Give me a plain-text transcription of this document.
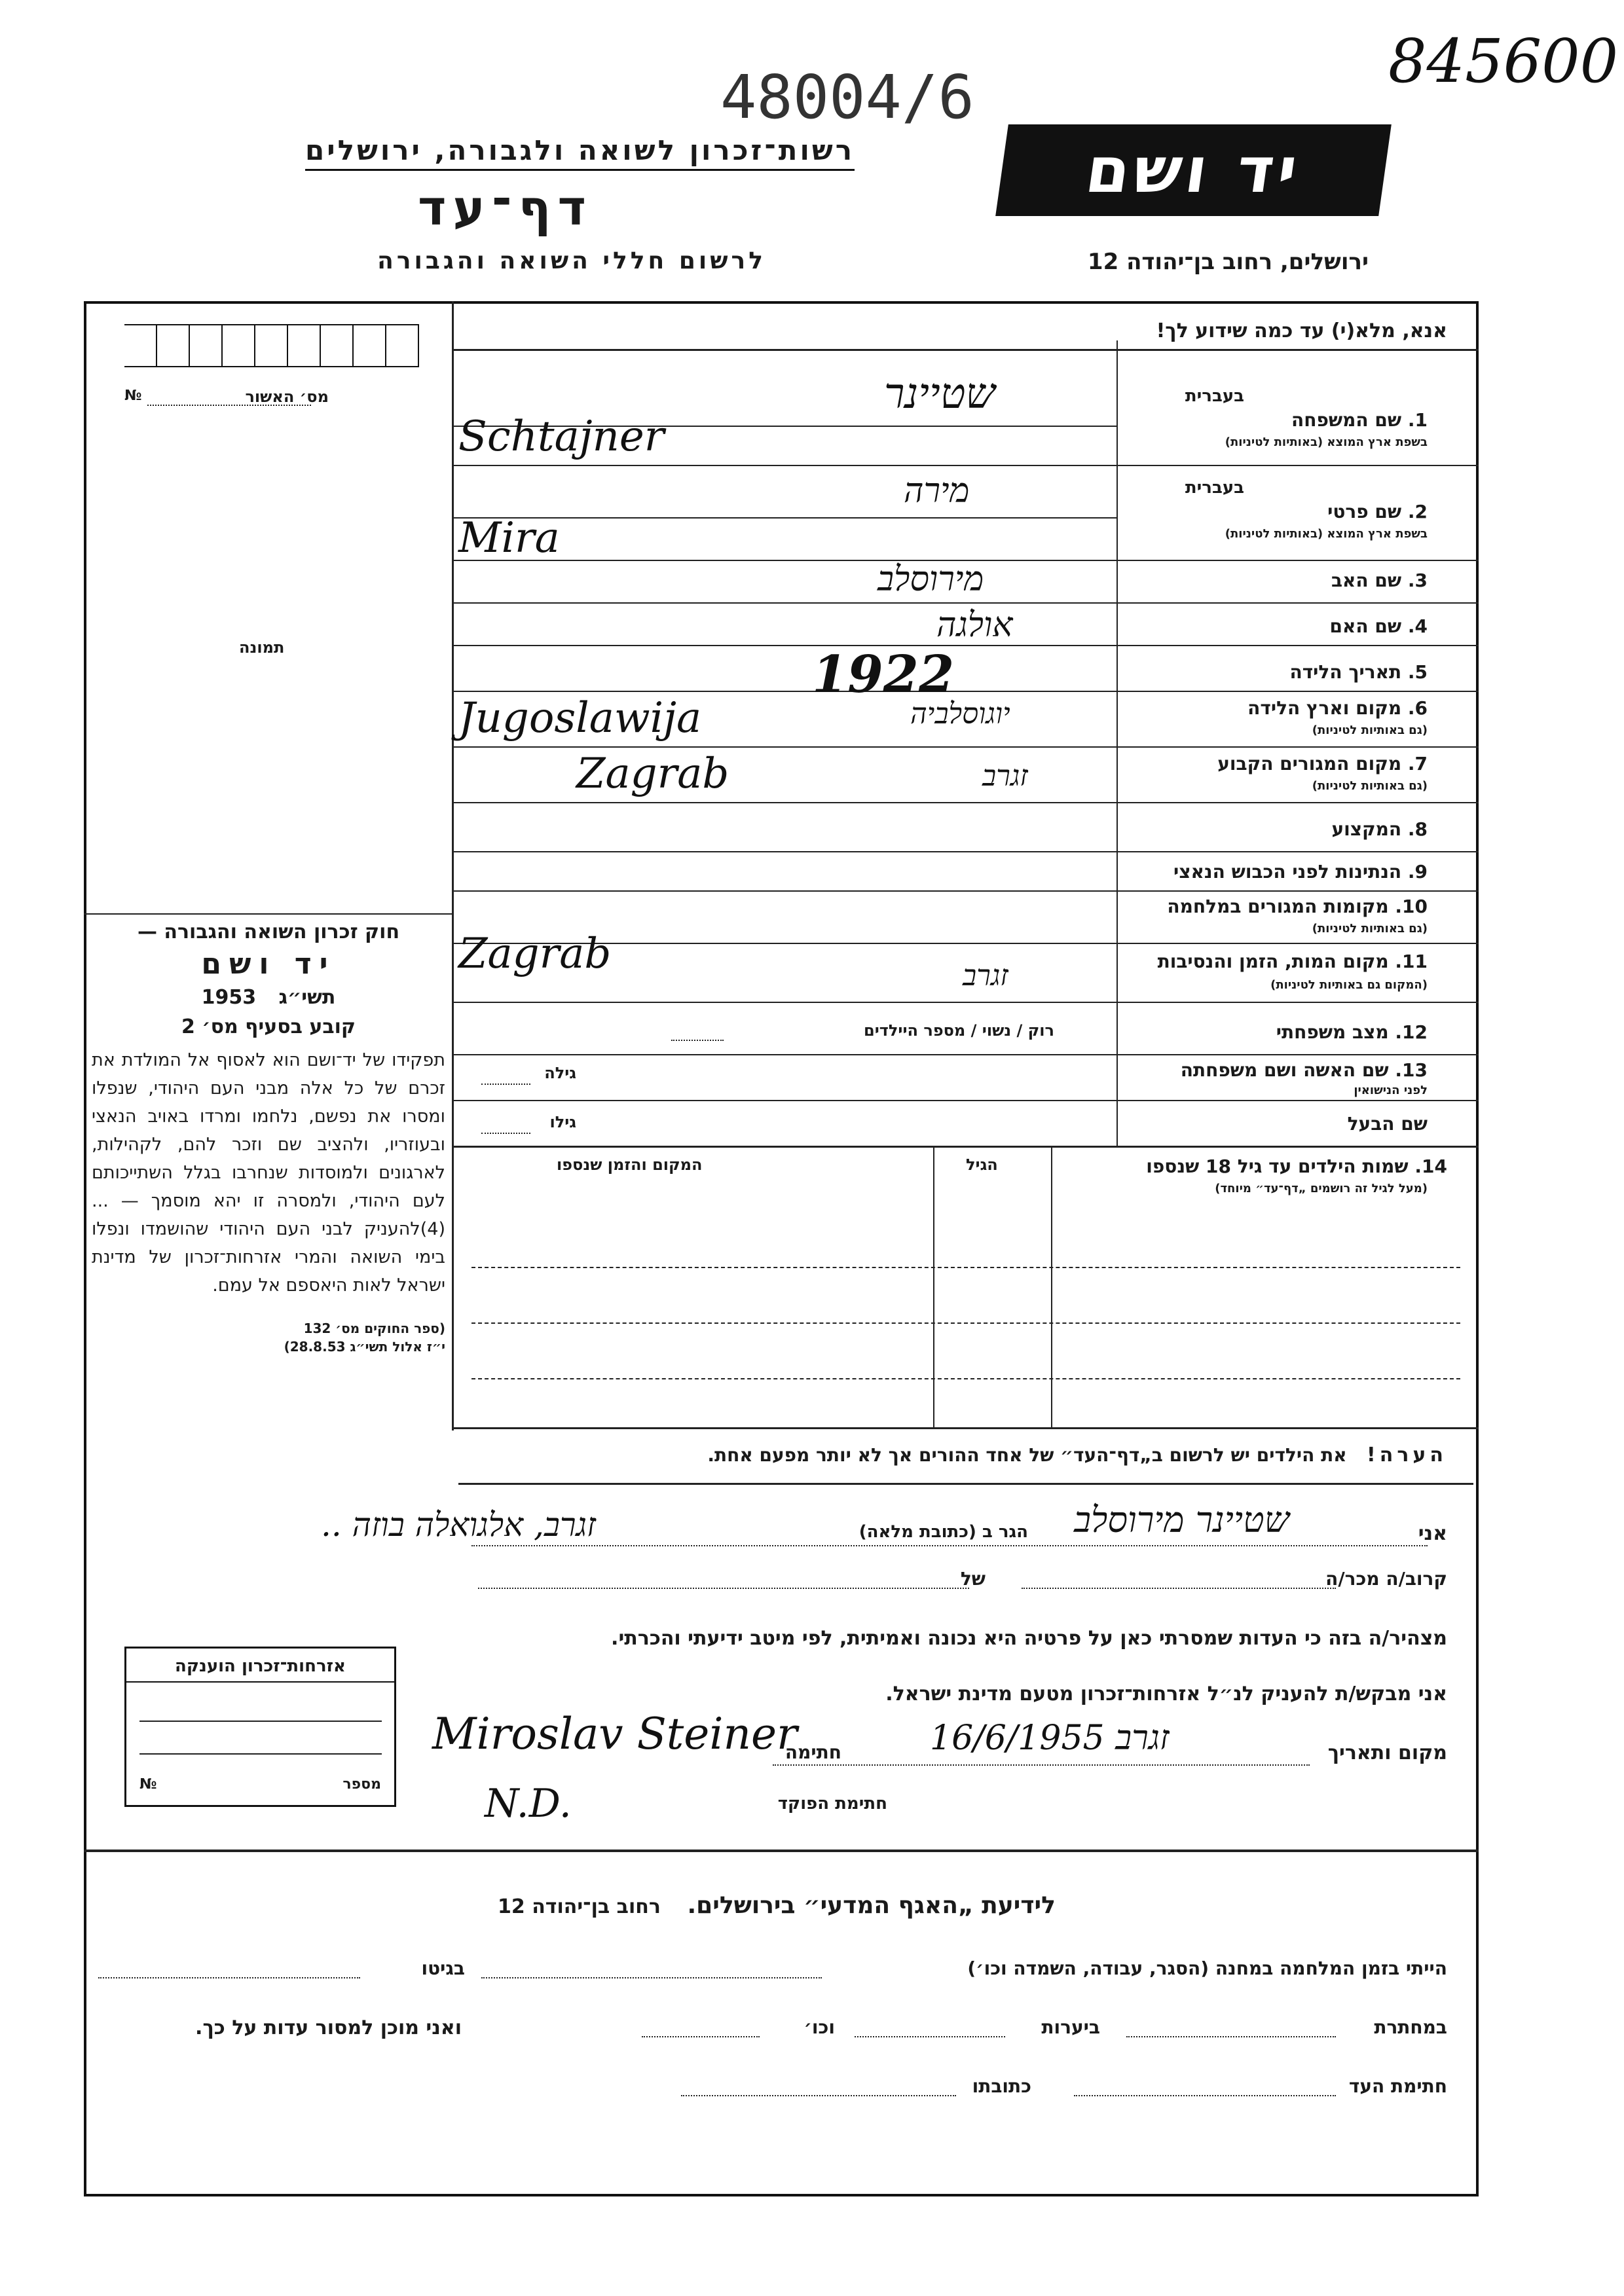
48004/6
845600
רשות־זכרון לשואה ולגבורה, ירושלים
דף־עד
לרשום חללי השואה והגבורה
יד ושם
ירושלים, רחוב בן־יהודה 12
אנא, מלא(י) עד כמה שידוע לך!
מס׳ האשור
№
תמונה
חוק זכרון השואה והגבורה —
יד ושם
תשי״ג 1953
קובע בסעיף מס׳ 2
תפקידו של יד־ושם הוא לאסוף אל המולדת את זכרם של כל אלה מבני העם היהודי, שנפלו ומסרו את נפשם, נלחמו ומרדו באויב הנאצי ובעוזריו, ולהציב שם וזכר להם, לקהילות, לארגונים ולמוסדות שנחרבו בגלל השתייכותם לעם היהודי, ולמסרה זו יהא מוסמך — ...(4)להעניק לבני העם היהודי שהושמדו ונפלו בימי השואה והמרי אזרחות־זכרון של מדינת ישראל לאות היאספם אל עמם.
(ספר החוקים מס׳ 132
י״ז אלול תשי״ג 28.8.53)
בעברית
1. שם המשפחה
בשפת ארץ המוצא (באותיות לטיניות)
שטיינר
Schtajner
בעברית
2. שם פרטי
בשפת ארץ המוצא (באותיות לטיניות)
מירה
Mira
3. שם האב
מירוסלב
4. שם האם
אולגה
5. תאריך הלידה
1922
6. מקום וארץ הלידה
(גם באותיות לטיניות)
יוגוסלביה
Jugoslawija
7. מקום המגורים הקבוע
(גם באותיות לטיניות)
זגרב
Zagrab
8. המקצוע
9. הנתינות לפני הכבוש הנאצי
10. מקומות המגורים במלחמה
(גם באותיות לטיניות)
11. מקום המות, הזמן והנסיבות
(המקום גם באותיות לטיניות)
זגרב
Zagrab
12. מצב משפחתי
רוק / נשוי / מספר היילדים
13. שם האשה ושם משפחתה
לפני הנישואין
גילה
שם הבעל
גילו
14. שמות הילדים עד גיל 18 שנספו
(מעל לגיל זה רושמים „דף־עד״ מיוחד)
הגיל
המקום והזמן שנספו
הערה! את הילדים יש לרשום ב„דף־העד״ של אחד ההורים אך לא יותר מפעם אחת.
אני
שטיינר מירוסלב
הגר ב (כתובת מלאה)
זגרב, אלגואלה בוזה ..
קרוב/ה מכר/ה
של
מצהיר/ה בזה כי העדות שמסרתי כאן על פרטיה היא נכונה ואמיתית, לפי מיטב ידיעתי והכרתי.
אני מבקש/ת להעניק לנ״ל אזרחות־זכרון מטעם מדינת ישראל.
מקום ותאריך
זגרב 16/6/1955
חתימה
Miroslav Steiner
חתימת הפוקד
N.D.
אזרחות־זכרון הוענקה
מספר
№
לידיעת „האגף המדעי״ בירושלים. רחוב בן־יהודה 12
הייתי בזמן המלחמה במחנה (הסגר, עבודה, השמדה וכו׳)
בגיטו
במחתרת
ביערות
וכו׳
ואני מוכן למסור עדות על כך.
חתימת העד
כתובתו
